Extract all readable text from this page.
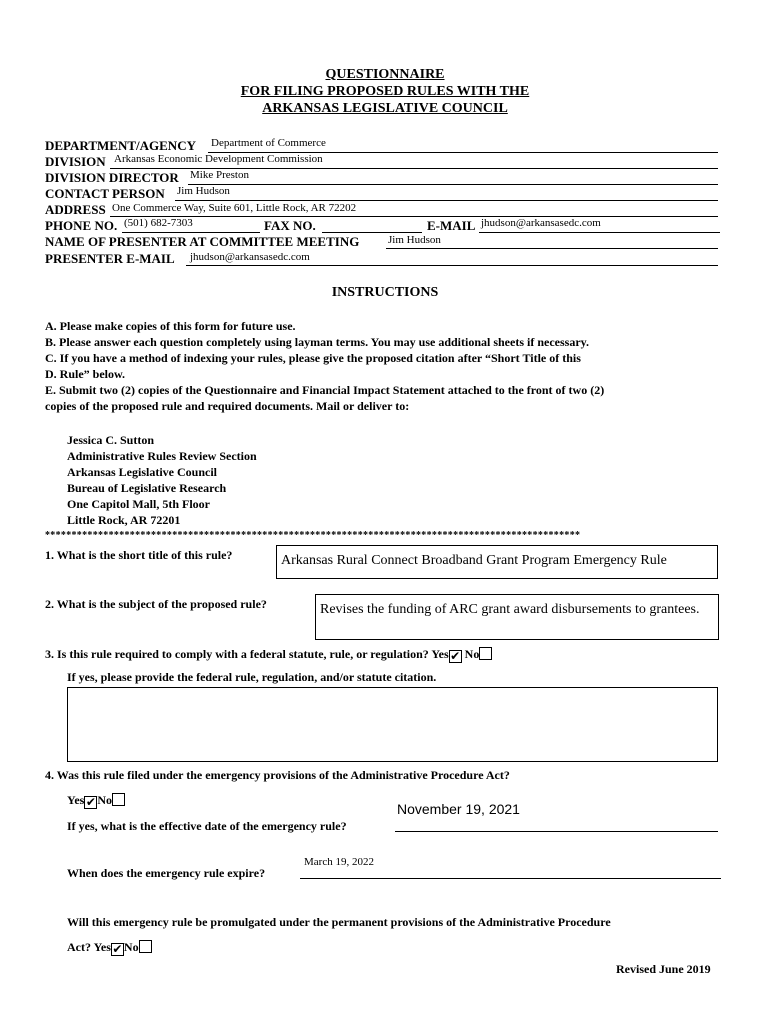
QUESTIONNAIRE
FOR FILING PROPOSED RULES WITH THE
ARKANSAS LEGISLATIVE COUNCIL
DEPARTMENT/AGENCY Department of Commerce
DIVISION Arkansas Economic Development Commission
DIVISION DIRECTOR Mike Preston
CONTACT PERSON Jim Hudson
ADDRESS One Commerce Way, Suite 601, Little Rock, AR 72202
PHONE NO. (501) 682-7303	FAX NO.	E-MAIL jhudson@arkansasedc.com
NAME OF PRESENTER AT COMMITTEE MEETING	Jim Hudson
PRESENTER E-MAIL jhudson@arkansasedc.com
INSTRUCTIONS
A. Please make copies of this form for future use.
B. Please answer each question completely using layman terms. You may use additional sheets if necessary.
C. If you have a method of indexing your rules, please give the proposed citation after “Short Title of this
D. Rule” below.
E. Submit two (2) copies of the Questionnaire and Financial Impact Statement attached to the front of two (2)
copies of the proposed rule and required documents. Mail or deliver to:
Jessica C. Sutton
Administrative Rules Review Section
Arkansas Legislative Council
Bureau of Legislative Research
One Capitol Mall, 5th Floor
Little Rock, AR 72201
*****************************************************************************************************
1. What is the short title of this rule?	Arkansas Rural Connect Broadband Grant Program Emergency Rule
2. What is the subject of the proposed rule?	Revises the funding of ARC grant award disbursements to grantees.
3. Is this rule required to comply with a federal statute, rule, or regulation? Yes✔ No
If yes, please provide the federal rule, regulation, and/or statute citation.
4. Was this rule filed under the emergency provisions of the Administrative Procedure Act?
Yes✔No
November 19, 2021
If yes, what is the effective date of the emergency rule?
March 19, 2022
When does the emergency rule expire?
Will this emergency rule be promulgated under the permanent provisions of the Administrative Procedure
Act? Yes✔No
Revised June 2019
